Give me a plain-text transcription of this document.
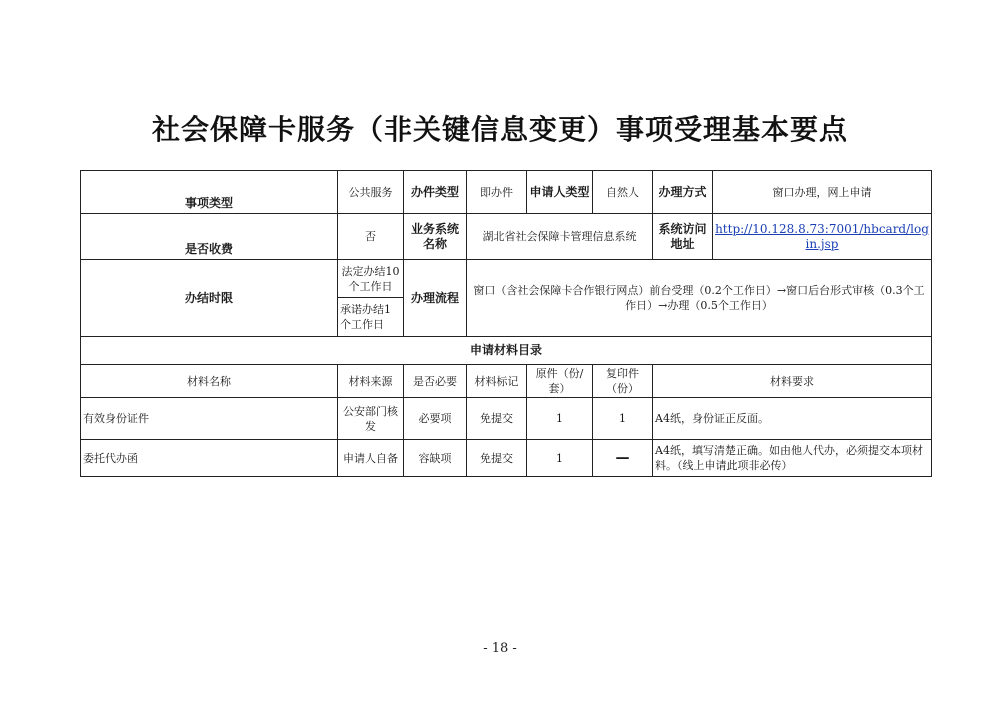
社会保障卡服务（非关键信息变更）事项受理基本要点
事项类型	公共服务	办件类型	即办件	申请人类型	自然人	办理方式	窗口办理，网上申请
是否收费	否	业务系统名称	湖北省社会保障卡管理信息系统			系统访问地址	http://10.128.8.73:7001/hbcard/login.jsp
办结时限	法定办结10个工作日	办理流程	窗口（含社会保障卡合作银行网点）前台受理（0.2个工作日）→窗口后台形式审核（0.3个工作日）→办理（0.5个工作日）				
	承诺办结1个工作日						
申请材料目录							
材料名称	材料来源	是否必要	材料标记	原件（份/套）	复印件（份）	材料要求	
有效身份证件	公安部门核发	必要项	免提交	1	1	A4纸，身份证正反面。	
委托代办函	申请人自备	容缺项	免提交	1	—	A4纸，填写清楚正确。如由他人代办，必须提交本项材料。（线上申请此项非必传）	
- 18 -
